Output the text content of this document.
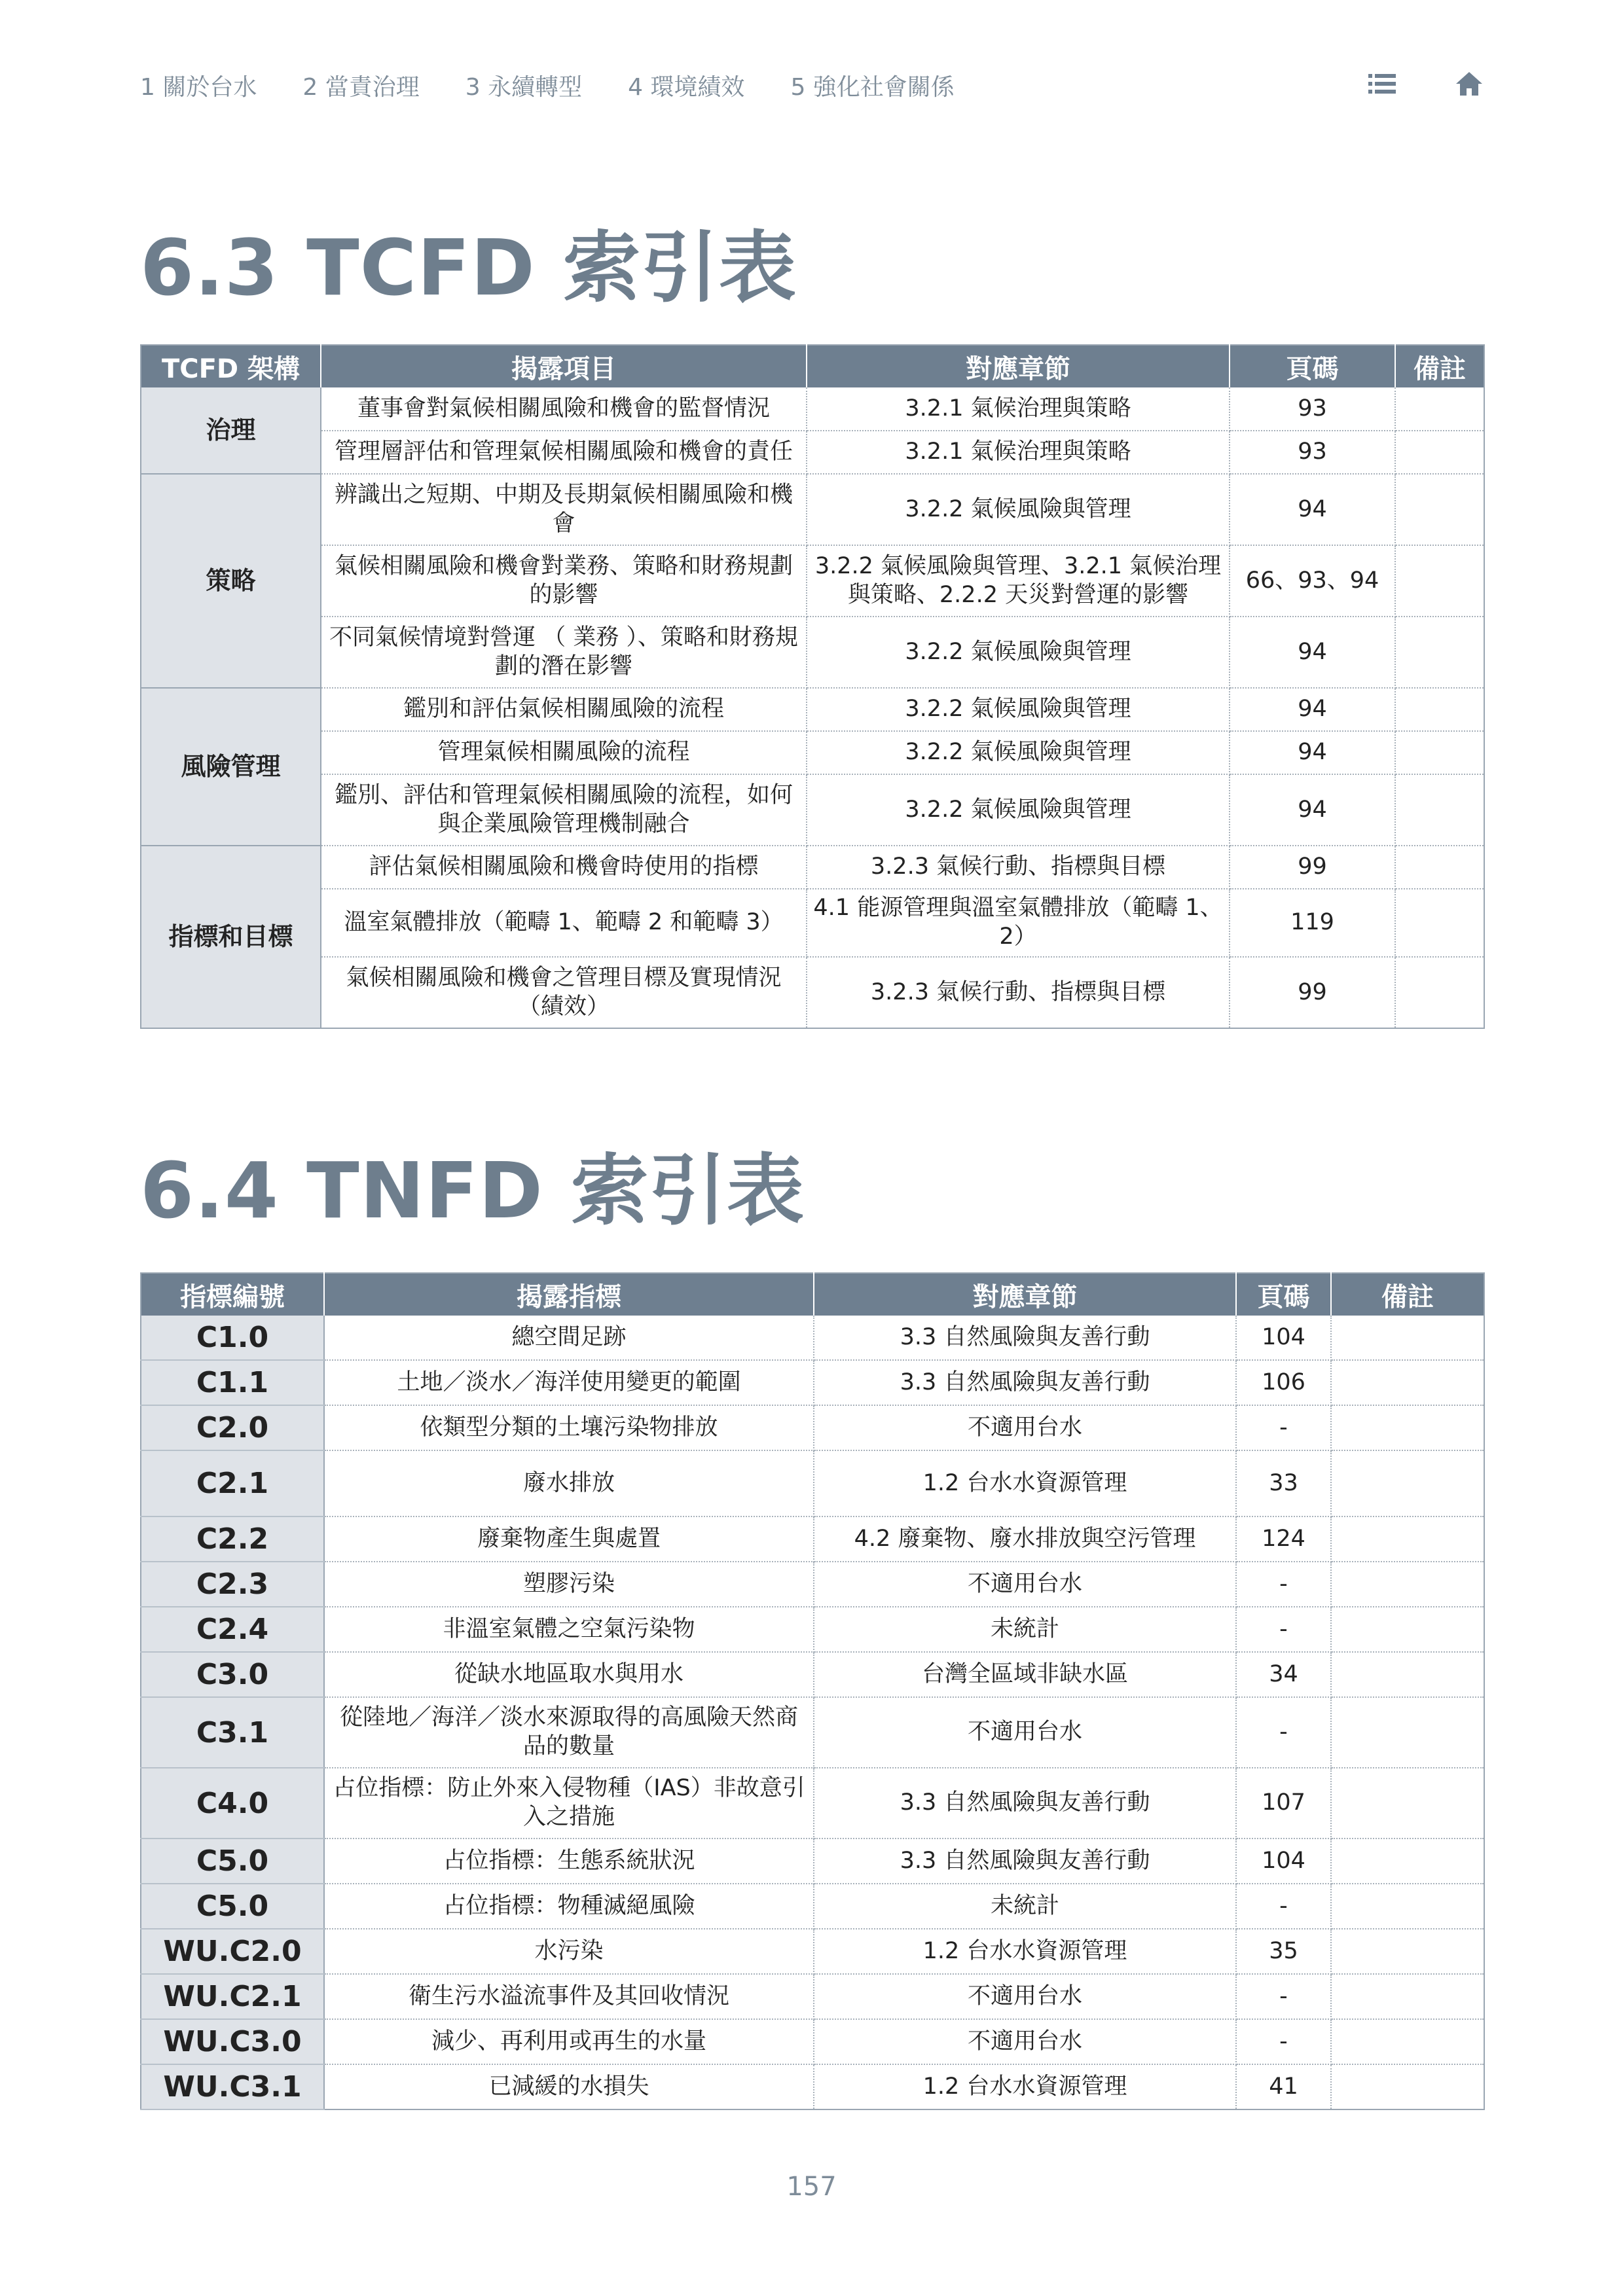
1 關於台水 2 當責治理 3 永續轉型 4 環境績效 5 強化社會關係
6.3 TCFD 索引表
TCFD 架構	揭露項目	對應章節	頁碼	備註
治理	董事會對氣候相關風險和機會的監督情況	3.2.1 氣候治理與策略	93	
	管理層評估和管理氣候相關風險和機會的責任	3.2.1 氣候治理與策略	93	
策略	辨識出之短期、中期及長期氣候相關風險和機會	3.2.2 氣候風險與管理	94	
	氣候相關風險和機會對業務、策略和財務規劃的影響	3.2.2 氣候風險與管理、3.2.1 氣候治理與策略、2.2.2 天災對營運的影響	66、93、94	
	不同氣候情境對營運 （ 業務 ）、策略和財務規劃的潛在影響	3.2.2 氣候風險與管理	94	
風險管理	鑑別和評估氣候相關風險的流程	3.2.2 氣候風險與管理	94	
	管理氣候相關風險的流程	3.2.2 氣候風險與管理	94	
	鑑別、評估和管理氣候相關風險的流程，如何與企業風險管理機制融合	3.2.2 氣候風險與管理	94	
指標和目標	評估氣候相關風險和機會時使用的指標	3.2.3 氣候行動、指標與目標	99	
	溫室氣體排放（範疇 1、範疇 2 和範疇 3）	4.1 能源管理與溫室氣體排放（範疇 1、2）	119	
	氣候相關風險和機會之管理目標及實現情況（績效）	3.2.3 氣候行動、指標與目標	99	
6.4 TNFD 索引表
指標編號	揭露指標	對應章節	頁碼	備註
C1.0	總空間足跡	3.3 自然風險與友善行動	104	
C1.1	土地／淡水／海洋使用變更的範圍	3.3 自然風險與友善行動	106	
C2.0	依類型分類的土壤污染物排放	不適用台水	-	
C2.1	廢水排放	1.2 台水水資源管理	33	
C2.2	廢棄物產生與處置	4.2 廢棄物、廢水排放與空污管理	124	
C2.3	塑膠污染	不適用台水	-	
C2.4	非溫室氣體之空氣污染物	未統計	-	
C3.0	從缺水地區取水與用水	台灣全區域非缺水區	34	
C3.1	從陸地／海洋／淡水來源取得的高風險天然商品的數量	不適用台水	-	
C4.0	占位指標：防止外來入侵物種（IAS）非故意引入之措施	3.3 自然風險與友善行動	107	
C5.0	占位指標：生態系統狀況	3.3 自然風險與友善行動	104	
C5.0	占位指標：物種滅絕風險	未統計	-	
WU.C2.0	水污染	1.2 台水水資源管理	35	
WU.C2.1	衛生污水溢流事件及其回收情況	不適用台水	-	
WU.C3.0	減少、再利用或再生的水量	不適用台水	-	
WU.C3.1	已減緩的水損失	1.2 台水水資源管理	41	
157
